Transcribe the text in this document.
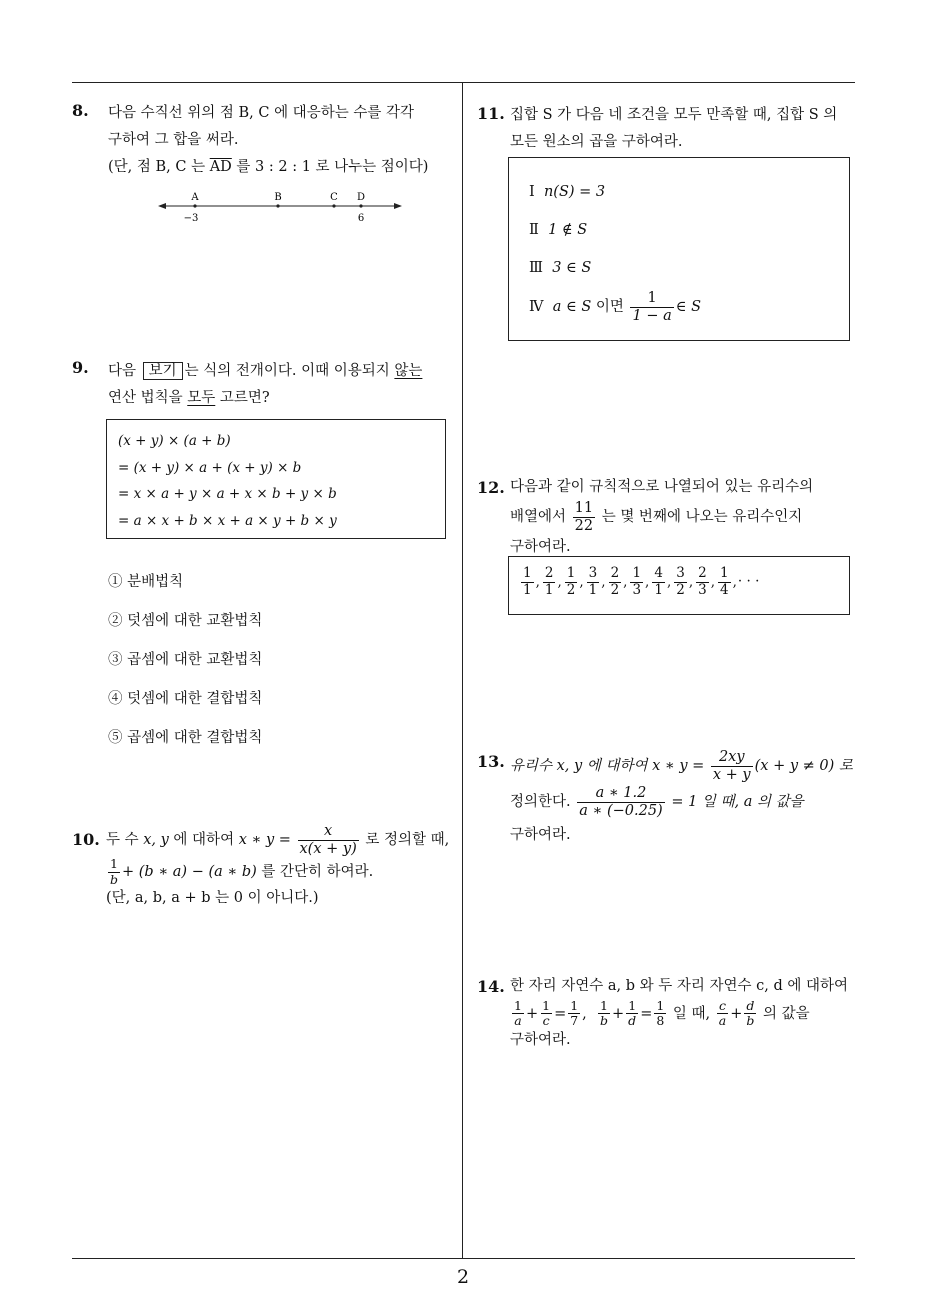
8. 다음 수직선 위의 점 B, C 에 대응하는 수를 각각
구하여 그 합을 써라.
(단, 점 B, C 는 $\overline{AD}$ 를 3 : 2 : 1 로 나누는 점이다)
A	B	C D
−3	6
9. 다음 보기 는 식의 전개이다. 이때 이용되지 않는
연산 법칙을 모두 고르면?
(x + y) × (a + b)
= (x + y) × a + (x + y) × b
= x × a + y × a + x × b + y × b
= a × x + b × x + a × y + b × y
① 분배법칙
② 덧셈에 대한 교환법칙
③ 곱셈에 대한 교환법칙
④ 덧셈에 대한 결합법칙
⑤ 곱셈에 대한 결합법칙
10. 두 수 x, y 에 대하여 x ∗ $y = \frac{x}{x(x + y)}$ 로 정의할 때,
$\frac{1}{b} + (b$ ∗ a) − (a ∗ b) 를 간단히 하여라.
(단, a, b, a + b 는 0 이 아니다.)
11. 집합 S 가 다음 네 조건을 모두 만족할 때, 집합 S 의
모든 원소의 곱을 구하여라.
Ⅰ n(S) = 3
Ⅱ 1 ∉ S
Ⅲ 3 ∈ S
Ⅳ a ∈ S 이면 $\frac{1}{1 - a}$ ∈ S
12. 다음과 같이 규칙적으로 나열되어 있는 유리수의
배열에서 $\frac{11}{22}$ 는 몇 번째에 나오는 유리수인지
구하여라.
$\frac{1}{1}$ , $\frac{2}{1}$ , $\frac{1}{2}$ , $\frac{3}{1}$ , $\frac{2}{2}$ , $\frac{1}{3}$ , $\frac{4}{1}$ , $\frac{3}{2}$ , $\frac{2}{3}$ , $\frac{1}{4}$ ,· · ·
13. 유리수 x, y 에 대하여 x ∗ $y = \frac{2xy}{x + y} (x + y \ne 0)$ 로
정의한다. $\frac{a ∗ 1.2}{a ∗ (-0.25)} = 1$ 일 때, a 의 값을
구하여라.
14. 한 자리 자연수 a, b 와 두 자리 자연수 c, d 에 대하여
$\frac{1}{a} + \frac{1}{c} = \frac{1}{7}$ , $\frac{1}{b} + \frac{1}{d} = \frac{1}{8}$ 일 때, $\frac{c}{a} + \frac{d}{b}$ 의 값을
구하여라.
2
